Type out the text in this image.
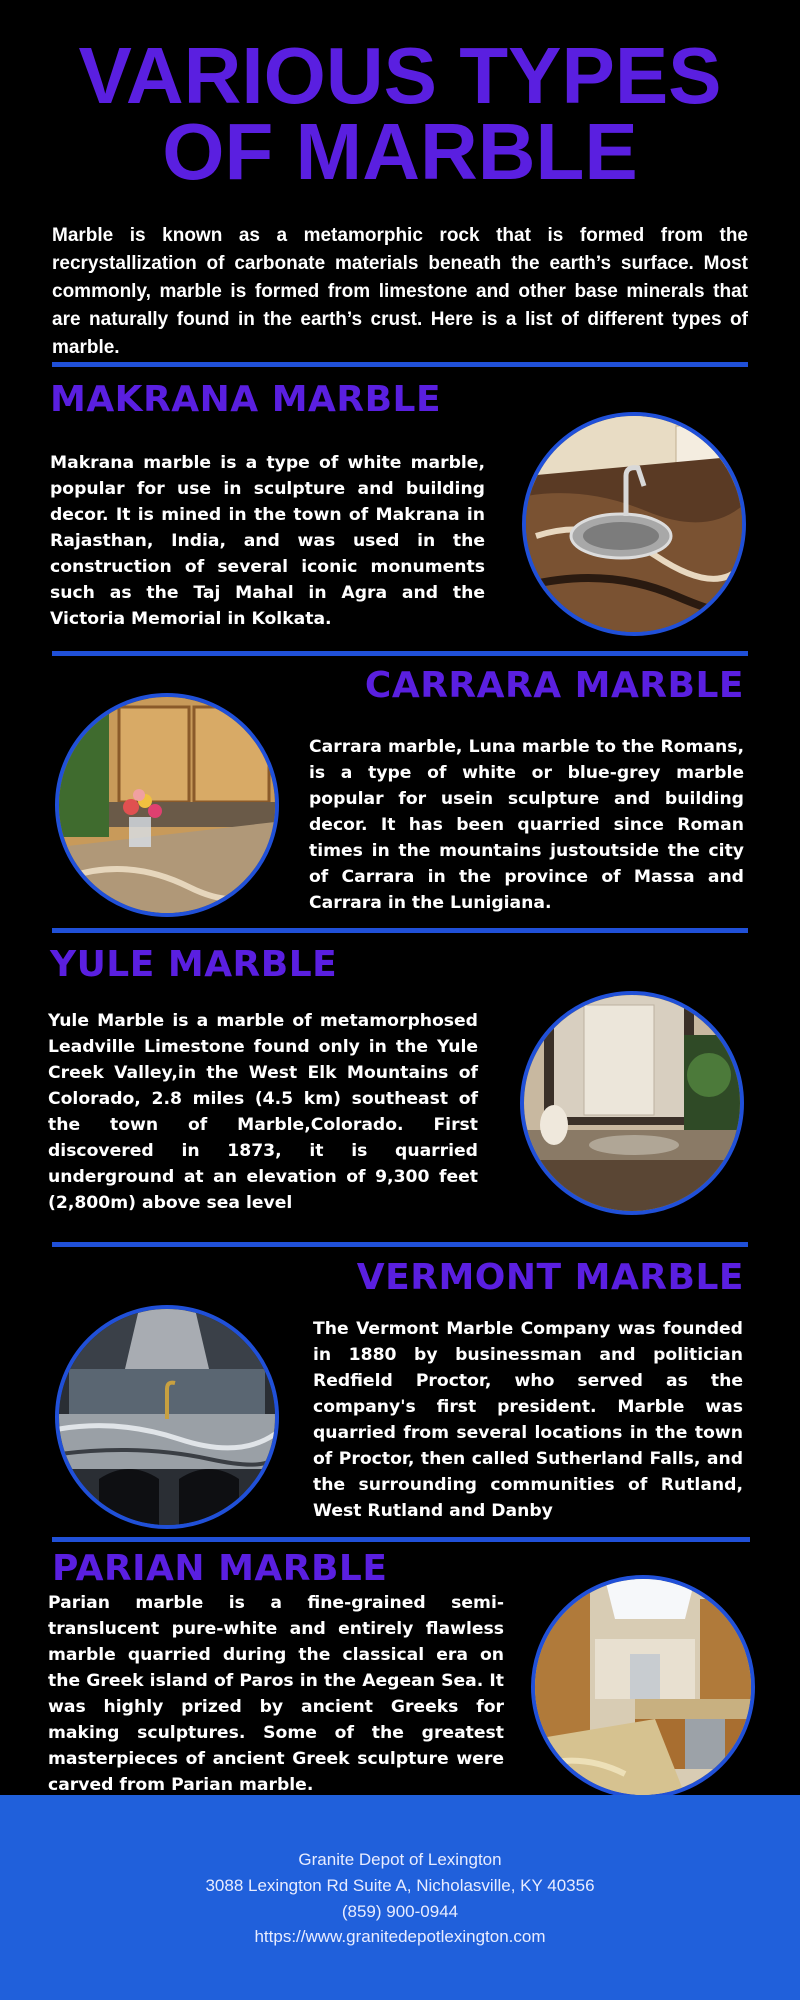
VARIOUS TYPES OF MARBLE

Marble is known as a metamorphic rock that is formed from the recrystallization of carbonate materials beneath the earth’s surface. Most commonly, marble is formed from limestone and other base minerals that are naturally found in the earth’s crust. Here is a list of different types of marble.

MAKRANA MARBLE

Makrana marble is a type of white marble, popular for use in sculpture and building decor. It is mined in the town of Makrana in Rajasthan, India, and was used in the construction of several iconic monuments such as the Taj Mahal in Agra and the Victoria Memorial in Kolkata.

CARRARA MARBLE

Carrara marble, Luna marble to the Romans, is a type of white or blue-grey marble popular for usein sculpture and building decor. It has been quarried since Roman times in the mountains justoutside the city of Carrara in the province of Massa and Carrara in the Lunigiana.

YULE MARBLE

Yule Marble is a marble of metamorphosed Leadville Limestone found only in the Yule Creek Valley,in the West Elk Mountains of Colorado, 2.8 miles (4.5 km) southeast of the town of Marble,Colorado. First discovered in 1873, it is quarried underground at an elevation of 9,300 feet (2,800m) above sea level

VERMONT MARBLE

The Vermont Marble Company was founded in 1880 by businessman and politician Redfield Proctor, who served as the company's first president. Marble was quarried from several locations in the town of Proctor, then called Sutherland Falls, and the surrounding communities of Rutland, West Rutland and Danby

PARIAN MARBLE

Parian marble is a fine-grained semi-translucent pure-white and entirely flawless marble quarried during the classical era on the Greek island of Paros in the Aegean Sea. It was highly prized by ancient Greeks for making sculptures. Some of the greatest masterpieces of ancient Greek sculpture were carved from Parian marble.

Granite Depot of Lexington
3088 Lexington Rd Suite A, Nicholasville, KY 40356
(859) 900-0944
https://www.granitedepotlexington.com
